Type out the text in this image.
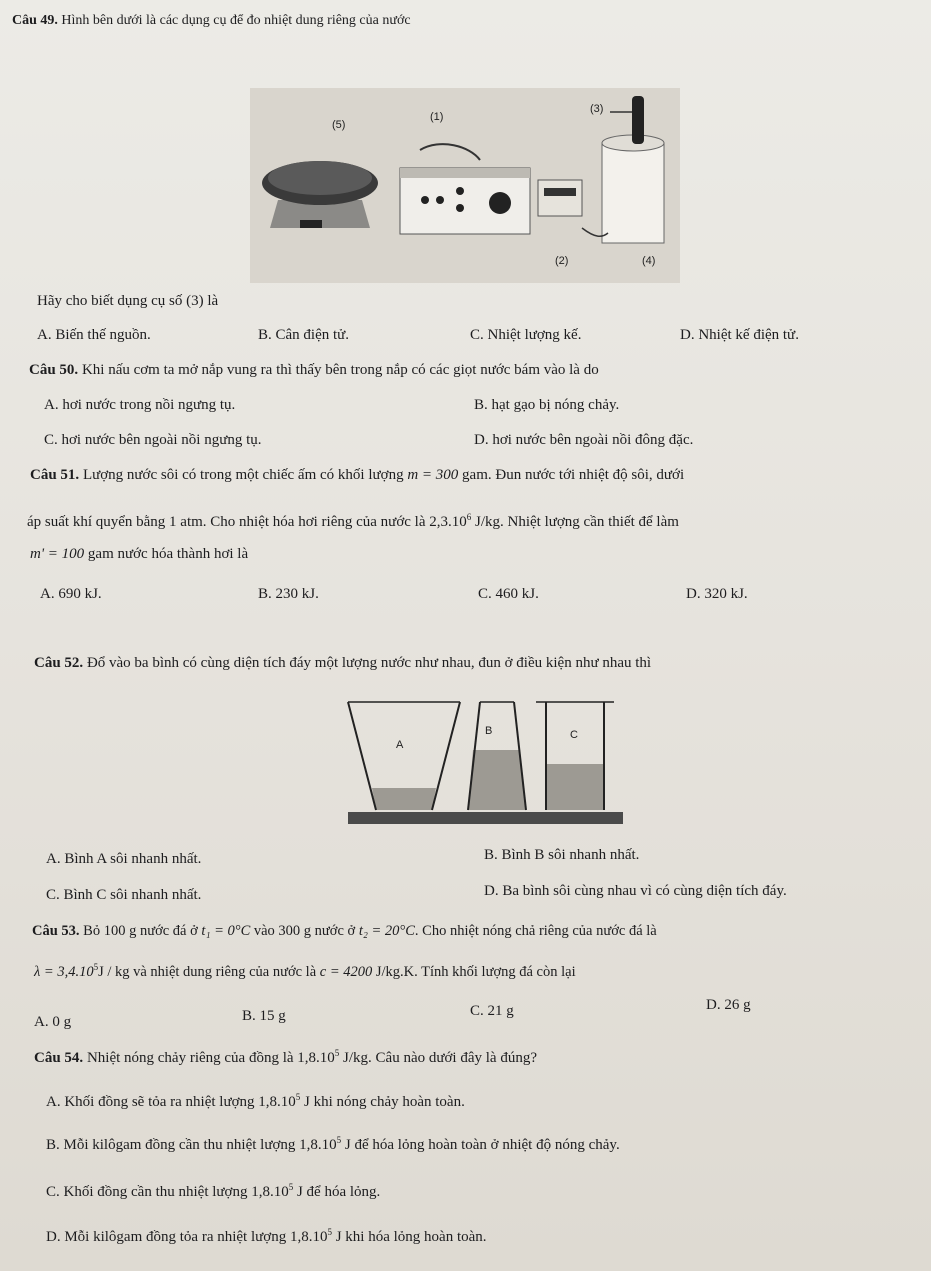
Câu 49. Hình bên dưới là các dụng cụ để đo nhiệt dung riêng của nước
(5)
(1)
(3)
(2)	(4)
Hãy cho biết dụng cụ số (3) là
A. Biến thế nguồn.	B. Cân điện tử.	C. Nhiệt lượng kế.	D. Nhiệt kế điện tử.
Câu 50. Khi nấu cơm ta mở nắp vung ra thì thấy bên trong nắp có các giọt nước bám vào là do
A. hơi nước trong nồi ngưng tụ.	B. hạt gạo bị nóng chảy.
C. hơi nước bên ngoài nồi ngưng tụ.	D. hơi nước bên ngoài nồi đông đặc.
Câu 51. Lượng nước sôi có trong một chiếc ấm có khối lượng m = 300 gam. Đun nước tới nhiệt độ sôi, dưới
áp suất khí quyển bằng 1 atm. Cho nhiệt hóa hơi riêng của nước là 2,3.10$^6$ J/kg. Nhiệt lượng cần thiết để làm
m' = 100 gam nước hóa thành hơi là
A. 690 kJ.	B. 230 kJ.	C. 460 kJ.	D. 320 kJ.
Câu 52. Đổ vào ba bình có cùng diện tích đáy một lượng nước như nhau, đun ở điều kiện như nhau thì
A
B	C
A. Bình A sôi nhanh nhất.	B. Bình B sôi nhanh nhất.
C. Bình C sôi nhanh nhất.	D. Ba bình sôi cùng nhau vì có cùng diện tích đáy.
Câu 53. Bỏ 100 g nước đá ở t₁ = 0°C vào 300 g nước ở t₂ = 20°C. Cho nhiệt nóng chả riêng của nước đá là
$\lambda = 3,4.10^5J$ / kg và nhiệt dung riêng của nước là c = 4200 J/kg.K. Tính khối lượng đá còn lại
A. 0 g	B. 15 g	C. 21 g	D. 26 g
Câu 54. Nhiệt nóng chảy riêng của đồng là 1,8.10$^5$ J/kg. Câu nào dưới đây là đúng?
A. Khối đồng sẽ tỏa ra nhiệt lượng 1,8.10$^5$ J khi nóng chảy hoàn toàn.
B. Mỗi kilôgam đồng cần thu nhiệt lượng 1,8.10$^5$ J để hóa lỏng hoàn toàn ở nhiệt độ nóng chảy.
C. Khối đồng cần thu nhiệt lượng 1,8.10$^5$ J để hóa lỏng.
D. Mỗi kilôgam đồng tỏa ra nhiệt lượng 1,8.10$^5$ J khi hóa lỏng hoàn toàn.
